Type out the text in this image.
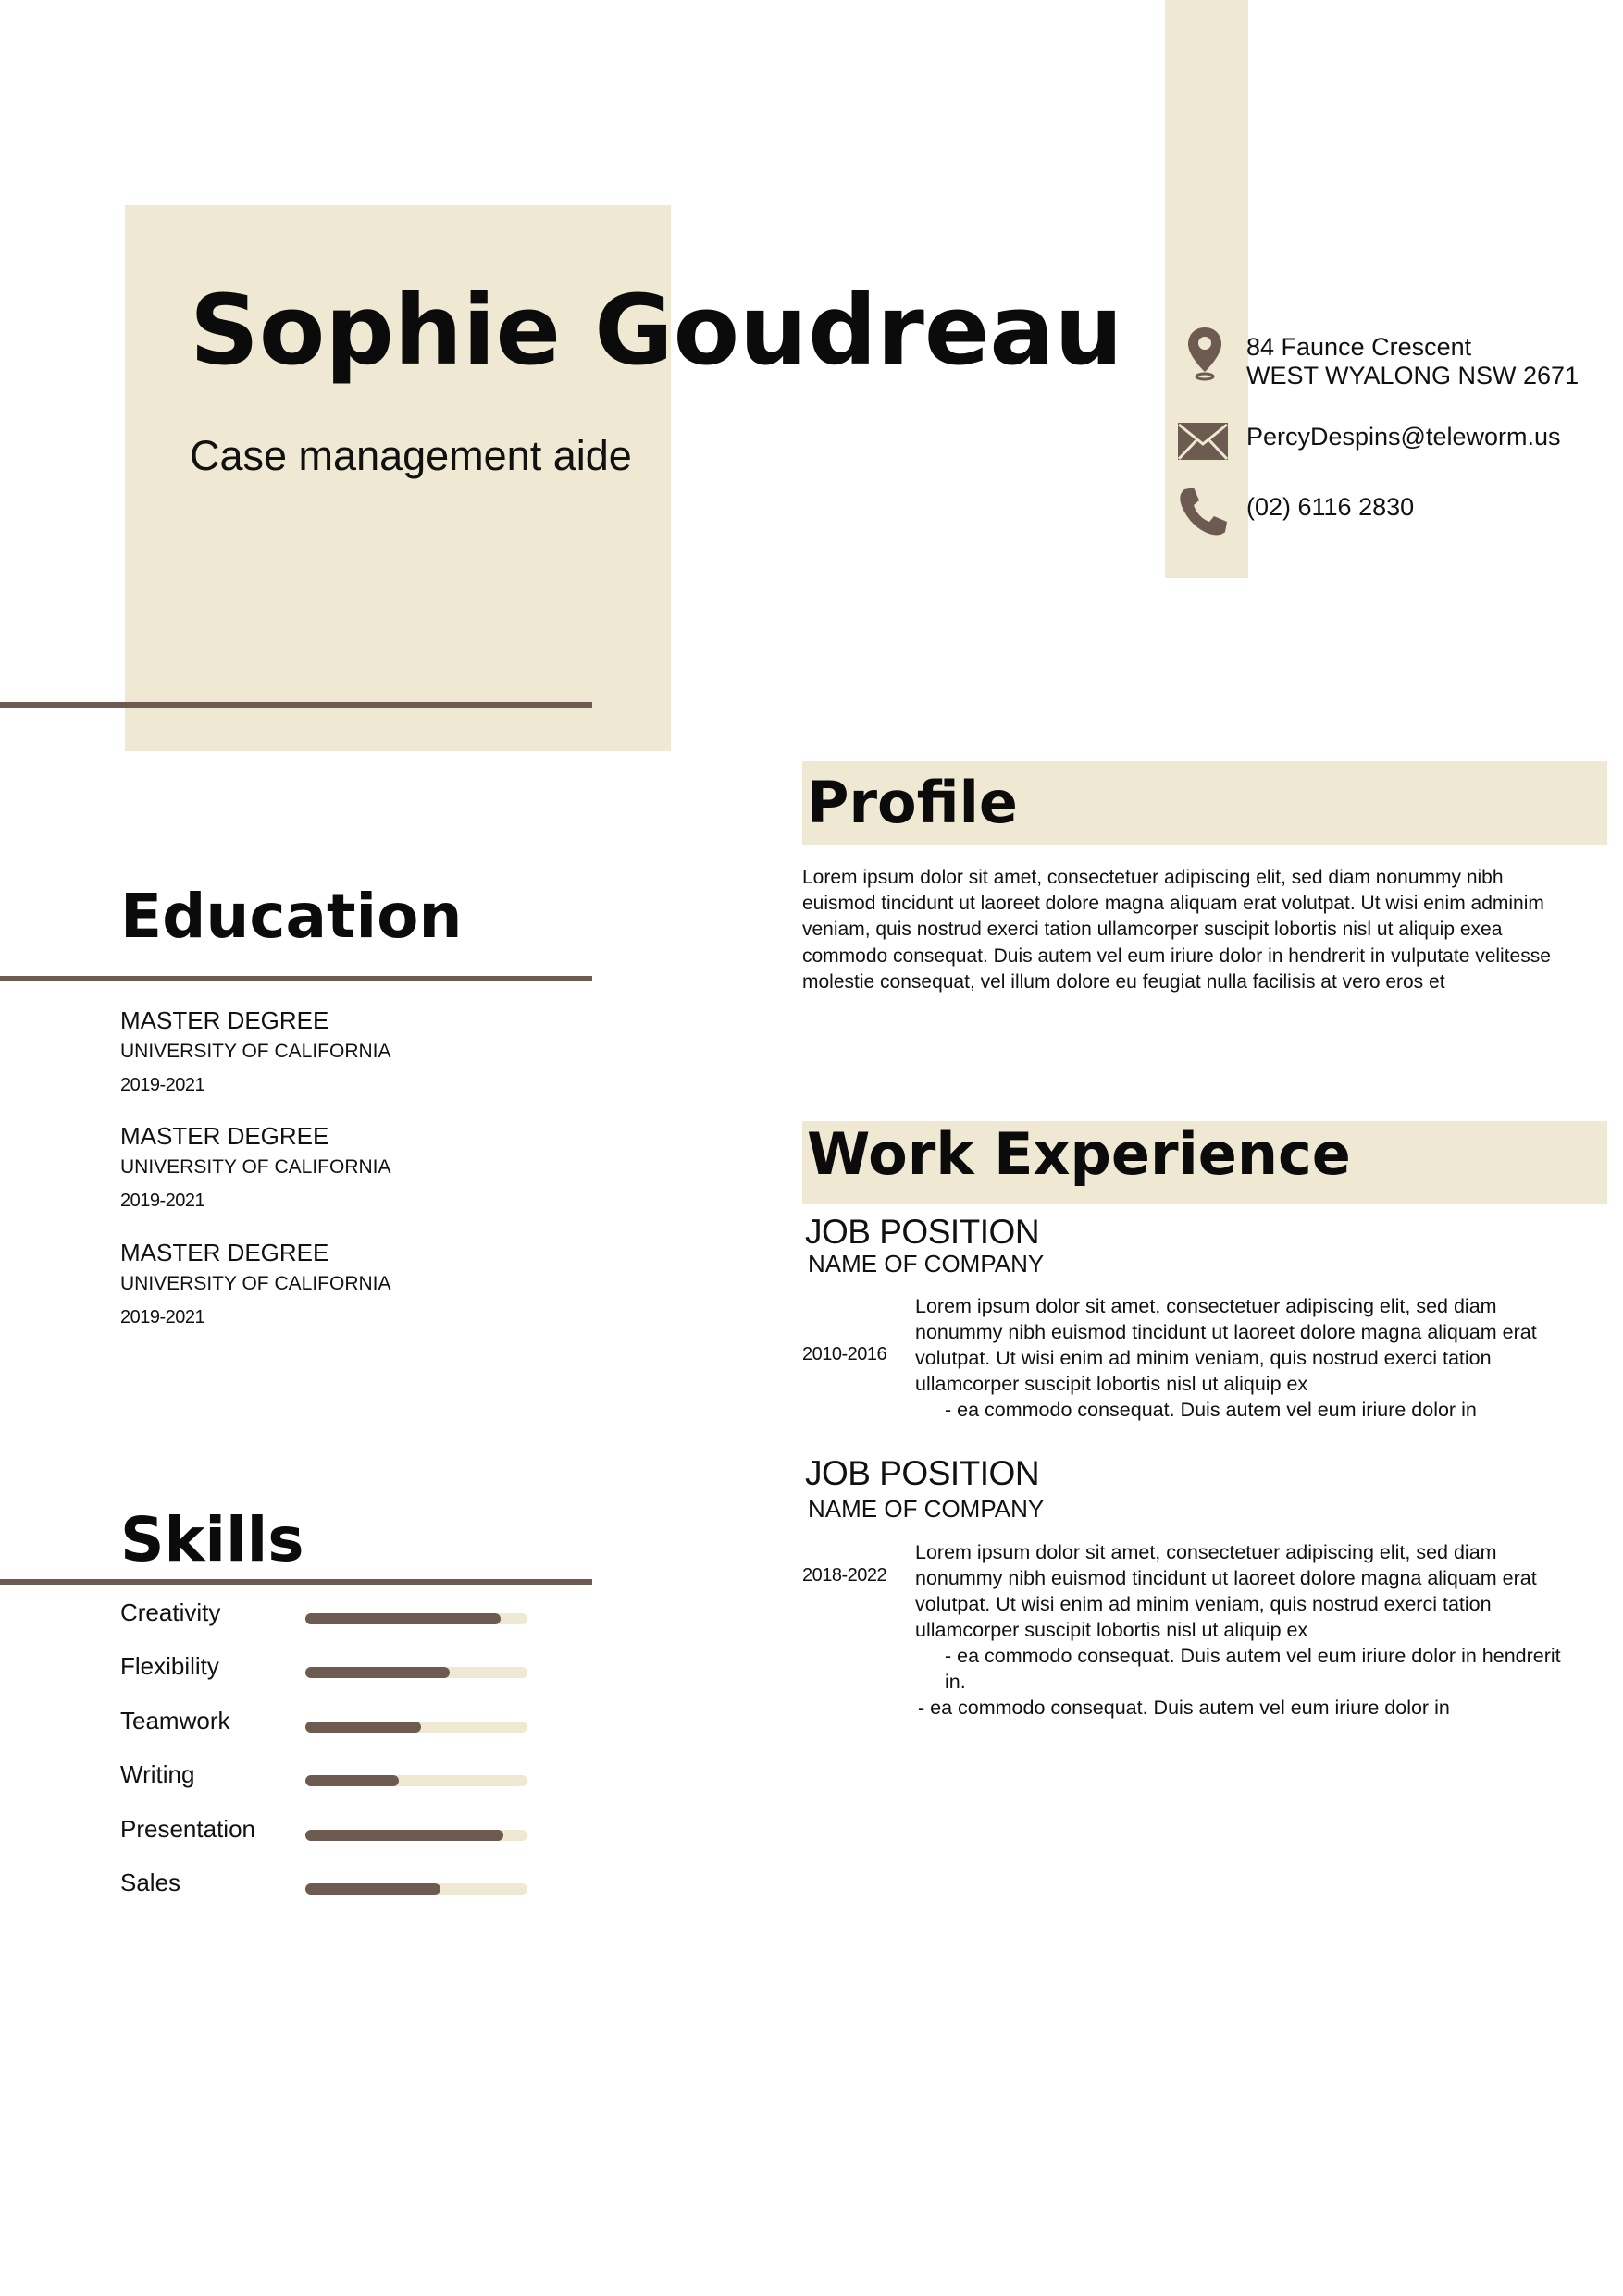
Sophie Goudreau
Case management aide
84 Faunce Crescent
WEST WYALONG NSW 2671
PercyDespins@teleworm.us
(02) 6116 2830
Education
MASTER DEGREE
UNIVERSITY OF CALIFORNIA
2019-2021
MASTER DEGREE
UNIVERSITY OF CALIFORNIA
2019-2021
MASTER DEGREE
UNIVERSITY OF CALIFORNIA
2019-2021
Skills
Creativity
Flexibility
Teamwork
Writing
Presentation
Sales
Profile

Lorem ipsum dolor sit amet, consectetuer adipiscing elit, sed diam nonummy nibh euismod tincidunt ut laoreet dolore magna aliquam erat volutpat. Ut wisi enim adminim veniam, quis nostrud exerci tation ullamcorper suscipit lobortis nisl ut aliquip exea commodo consequat. Duis autem vel eum iriure dolor in hendrerit in vulputate velitesse molestie consequat, vel illum dolore eu feugiat nulla facilisis at vero eros et

Work Experience
JOB POSITION
NAME OF COMPANY
2010-2016

Lorem ipsum dolor sit amet, consectetuer adipiscing elit, sed diam nonummy nibh euismod tincidunt ut laoreet dolore magna aliquam erat volutpat. Ut wisi enim ad minim veniam, quis nostrud exerci tation ullamcorper suscipit lobortis nisl ut aliquip ex

- ea commodo consequat. Duis autem vel eum iriure dolor in

JOB POSITION
NAME OF COMPANY
2018-2022

Lorem ipsum dolor sit amet, consectetuer adipiscing elit, sed diam nonummy nibh euismod tincidunt ut laoreet dolore magna aliquam erat volutpat. Ut wisi enim ad minim veniam, quis nostrud exerci tation ullamcorper suscipit lobortis nisl ut aliquip ex

- ea commodo consequat. Duis autem vel eum iriure dolor in hendrerit in.

- ea commodo consequat. Duis autem vel eum iriure dolor in
